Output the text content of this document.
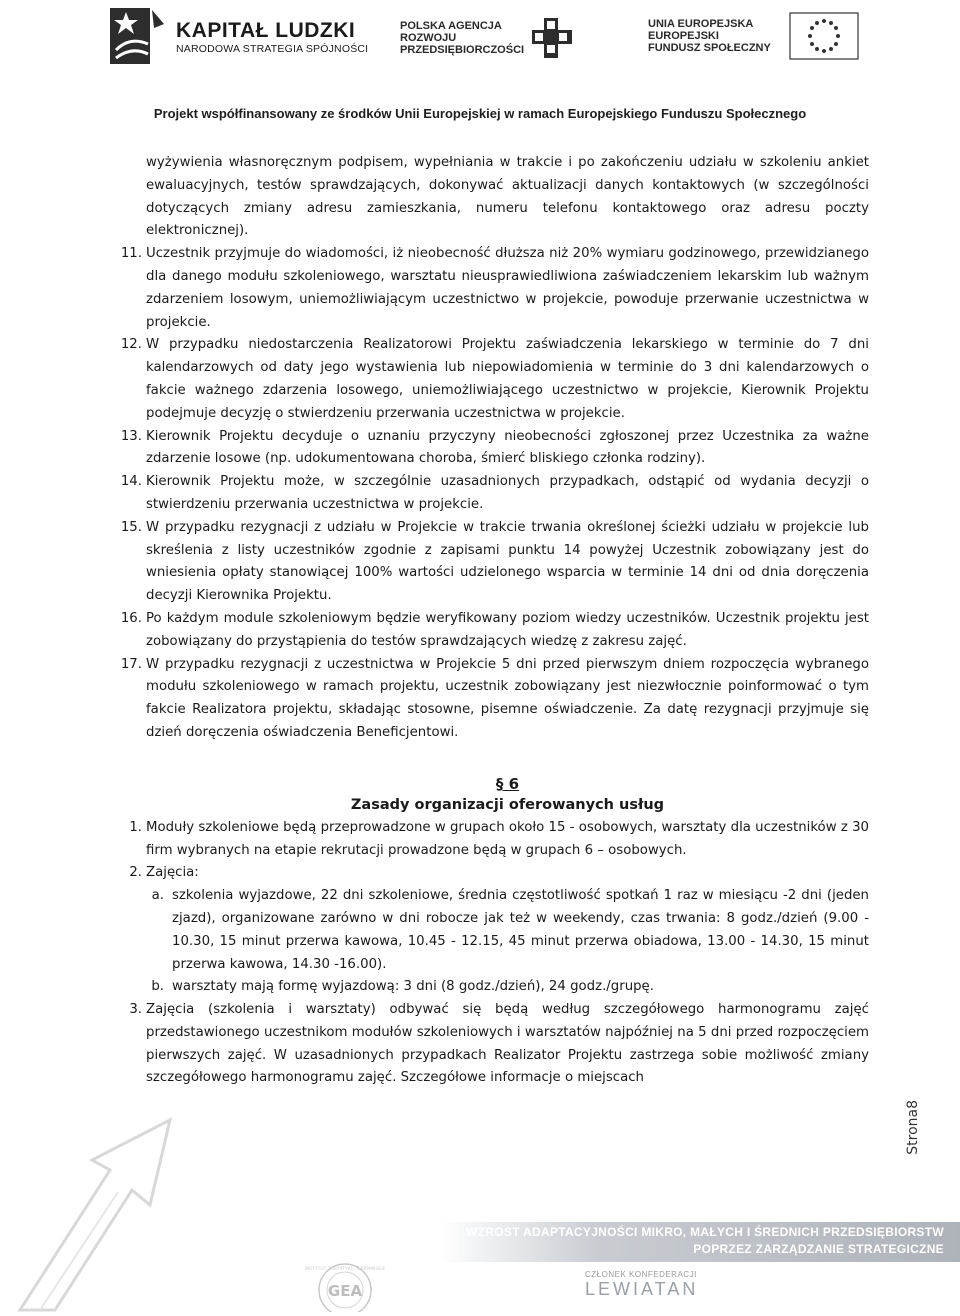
KAPITAŁ LUDZKI
NARODOWA STRATEGIA SPÓJNOŚCI
POLSKA AGENCJA
ROZWOJU
PRZEDSIĘBIORCZOŚCI
UNIA EUROPEJSKA
EUROPEJSKI
FUNDUSZ SPOŁECZNY
Projekt współfinansowany ze środków Unii Europejskiej w ramach Europejskiego Funduszu Społecznego

wyżywienia własnoręcznym podpisem, wypełniania w trakcie i po zakończeniu udziału w szkoleniu ankiet ewaluacyjnych, testów sprawdzających, dokonywać aktualizacji danych kontaktowych (w szczególności dotyczących zmiany adresu zamieszkania, numeru telefonu kontaktowego oraz adresu poczty elektronicznej).

11. Uczestnik przyjmuje do wiadomości, iż nieobecność dłuższa niż 20% wymiaru godzinowego, przewidzianego dla danego modułu szkoleniowego, warsztatu nieusprawiedliwiona zaświadczeniem lekarskim lub ważnym zdarzeniem losowym, uniemożliwiającym uczestnictwo w projekcie, powoduje przerwanie uczestnictwa w projekcie.
12. W przypadku niedostarczenia Realizatorowi Projektu zaświadczenia lekarskiego w terminie do 7 dni kalendarzowych od daty jego wystawienia lub niepowiadomienia w terminie do 3 dni kalendarzowych o fakcie ważnego zdarzenia losowego, uniemożliwiającego uczestnictwo w projekcie, Kierownik Projektu podejmuje decyzję o stwierdzeniu przerwania uczestnictwa w projekcie.
13. Kierownik Projektu decyduje o uznaniu przyczyny nieobecności zgłoszonej przez Uczestnika za ważne zdarzenie losowe (np. udokumentowana choroba, śmierć bliskiego członka rodziny).
14. Kierownik Projektu może, w szczególnie uzasadnionych przypadkach, odstąpić od wydania decyzji o stwierdzeniu przerwania uczestnictwa w projekcie.
15. W przypadku rezygnacji z udziału w Projekcie w trakcie trwania określonej ścieżki udziału w projekcie lub skreślenia z listy uczestników zgodnie z zapisami punktu 14 powyżej Uczestnik zobowiązany jest do wniesienia opłaty stanowiącej 100% wartości udzielonego wsparcia w terminie 14 dni od dnia doręczenia decyzji Kierownika Projektu.
16. Po każdym module szkoleniowym będzie weryfikowany poziom wiedzy uczestników. Uczestnik projektu jest zobowiązany do przystąpienia do testów sprawdzających wiedzę z zakresu zajęć.
17. W przypadku rezygnacji z uczestnictwa w Projekcie 5 dni przed pierwszym dniem rozpoczęcia wybranego modułu szkoleniowego w ramach projektu, uczestnik zobowiązany jest niezwłocznie poinformować o tym fakcie Realizatora projektu, składając stosowne, pisemne oświadczenie. Za datę rezygnacji przyjmuje się dzień doręczenia oświadczenia Beneficjentowi.
§ 6
Zasady organizacji oferowanych usług
1. Moduły szkoleniowe będą przeprowadzone w grupach około 15 - osobowych, warsztaty dla uczestników z 30 firm wybranych na etapie rekrutacji prowadzone będą w grupach 6 – osobowych.
2. Zajęcia:
a. szkolenia wyjazdowe, 22 dni szkoleniowe, średnia częstotliwość spotkań 1 raz w miesiącu -2 dni (jeden zjazd), organizowane zarówno w dni robocze jak też w weekendy, czas trwania: 8 godz./dzień (9.00 - 10.30, 15 minut przerwa kawowa, 10.45 - 12.15, 45 minut przerwa obiadowa, 13.00 - 14.30, 15 minut przerwa kawowa, 14.30 -16.00).
b. warsztaty mają formę wyjazdową: 3 dni (8 godz./dzień), 24 godz./grupę.
3. Zajęcia (szkolenia i warsztaty) odbywać się będą według szczegółowego harmonogramu zajęć przedstawionego uczestnikom modułów szkoleniowych i warsztatów najpóźniej na 5 dni przed rozpoczęciem pierwszych zajęć. W uzasadnionych przypadkach Realizator Projektu zastrzega sobie możliwość zmiany szczegółowego harmonogramu zajęć. Szczegółowe informacje o miejscach
Strona8
WZROST ADAPTACYJNOŚCI MIKRO, MAŁYCH I ŚREDNICH PRZEDSIĘBIORSTW
POPRZEZ ZARZĄDZANIE STRATEGICZNE
GEA
INSTYTUT TURYSTYKI · WARMIŃSKIE
CZŁONEK KONFEDERACJI
LEWIATAN
